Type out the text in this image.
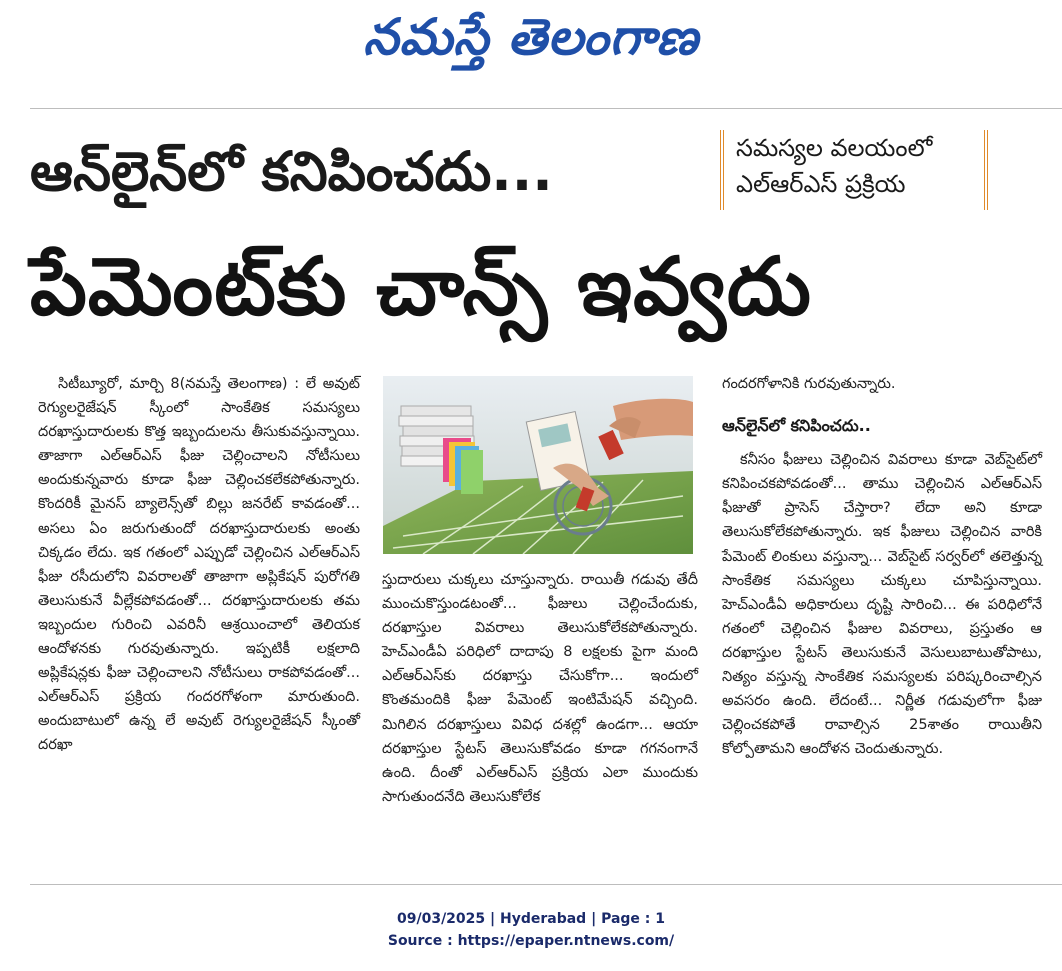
నమస్తే తెలంగాణ
ఆన్‌లైన్‌లో కనిపించదు...	సమస్యల వలయంలో
ఎల్‌ఆర్‌ఎస్ ప్రక్రియ
పేమెంట్‌కు చాన్స్ ఇవ్వదు

సిటీబ్యూరో, మార్చి 8(నమస్తే తెలంగాణ) : లే అవుట్ రెగ్యులరైజేషన్ స్కీంలో సాంకేతిక సమస్యలు దరఖాస్తుదారులకు కొత్త ఇబ్బందులను తీసుకువస్తున్నాయి. తాజాగా ఎల్‌ఆర్‌ఎస్ ఫీజు చెల్లించాలని నోటీసులు అందుకున్నవారు కూడా ఫీజు చెల్లించకలేకపోతున్నారు. కొందరికీ మైనస్ బ్యాలెన్స్‌తో బిల్లు జనరేట్ కావడంతో... అసలు ఏం జరుగుతుందో దరఖాస్తుదారులకు అంతు చిక్కడం లేదు. ఇక గతంలో ఎప్పుడో చెల్లించిన ఎల్‌ఆర్‌ఎస్ ఫీజు రసీదులోని వివరాలతో తాజాగా అప్లికేషన్ పురోగతి తెలుసుకునే వీల్లేకపోవడంతో... దరఖాస్తుదారులకు తమ ఇబ్బందుల గురించి ఎవరినీ ఆశ్రయించాలో తెలియక ఆందోళనకు గురవుతున్నారు. ఇప్పటికీ లక్షలాది అప్లికేషన్లకు ఫీజు చెల్లించాలని నోటీసులు రాకపోవడంతో... ఎల్‌ఆర్‌ఎస్ ప్రక్రియ గందరగోళంగా మారుతుంది. అందుబాటులో ఉన్న లే అవుట్ రెగ్యులరైజేషన్ స్కీంతో దరఖా

స్తుదారులు చుక్కలు చూస్తున్నారు. రాయితీ గడువు తేదీ ముంచుకొస్తుండటంతో... ఫీజులు చెల్లించేందుకు, దరఖాస్తుల వివరాలు తెలుసుకోలేకపోతున్నారు. హెచ్‌ఎండీఏ పరిధిలో దాదాపు 8 లక్షలకు పైగా మంది ఎల్‌ఆర్‌ఎస్‌కు దరఖాస్తు చేసుకోగా... ఇందులో కొంతమందికి ఫీజు పేమెంట్ ఇంటిమేషన్ వచ్చింది. మిగిలిన దరఖాస్తులు వివిధ దశల్లో ఉండగా... ఆయా దరఖాస్తుల స్టేటస్ తెలుసుకోవడం కూడా గగనంగానే ఉంది. దీంతో ఎల్‌ఆర్‌ఎస్ ప్రక్రియ ఎలా ముందుకు సాగుతుందనేది తెలుసుకోలేక

గందరగోళానికి గురవుతున్నారు.

ఆన్‌లైన్‌లో కనిపించదు..

కనీసం ఫీజులు చెల్లించిన వివరాలు కూడా వెబ్‌సైట్‌లో కనిపించకపోవడంతో... తాము చెల్లించిన ఎల్‌ఆర్‌ఎస్ ఫీజుతో ప్రాసెస్ చేస్తారా? లేదా అని కూడా తెలుసుకోలేకపోతున్నారు. ఇక ఫీజులు చెల్లించిన వారికి పేమెంట్ లింకులు వస్తున్నా... వెబ్‌సైట్ సర్వర్‌లో తలెత్తున్న సాంకేతిక సమస్యలు చుక్కలు చూపిస్తున్నాయి. హెచ్‌ఎండీఏ అధికారులు దృష్టి సారించి... ఈ పరిధిలోనే గతంలో చెల్లించిన ఫీజుల వివరాలు, ప్రస్తుతం ఆ దరఖాస్తుల స్టేటస్ తెలుసుకునే వెసులుబాటుతోపాటు, నిత్యం వస్తున్న సాంకేతిక సమస్యలకు పరిష్కరించాల్సిన అవసరం ఉంది. లేదంటే... నిర్ణీత గడువులోగా ఫీజు చెల్లించకపోతే రావాల్సిన 25శాతం రాయితీని కోల్పోతామని ఆందోళన చెందుతున్నారు.

09/03/2025 | Hyderabad | Page : 1
Source : https://epaper.ntnews.com/
